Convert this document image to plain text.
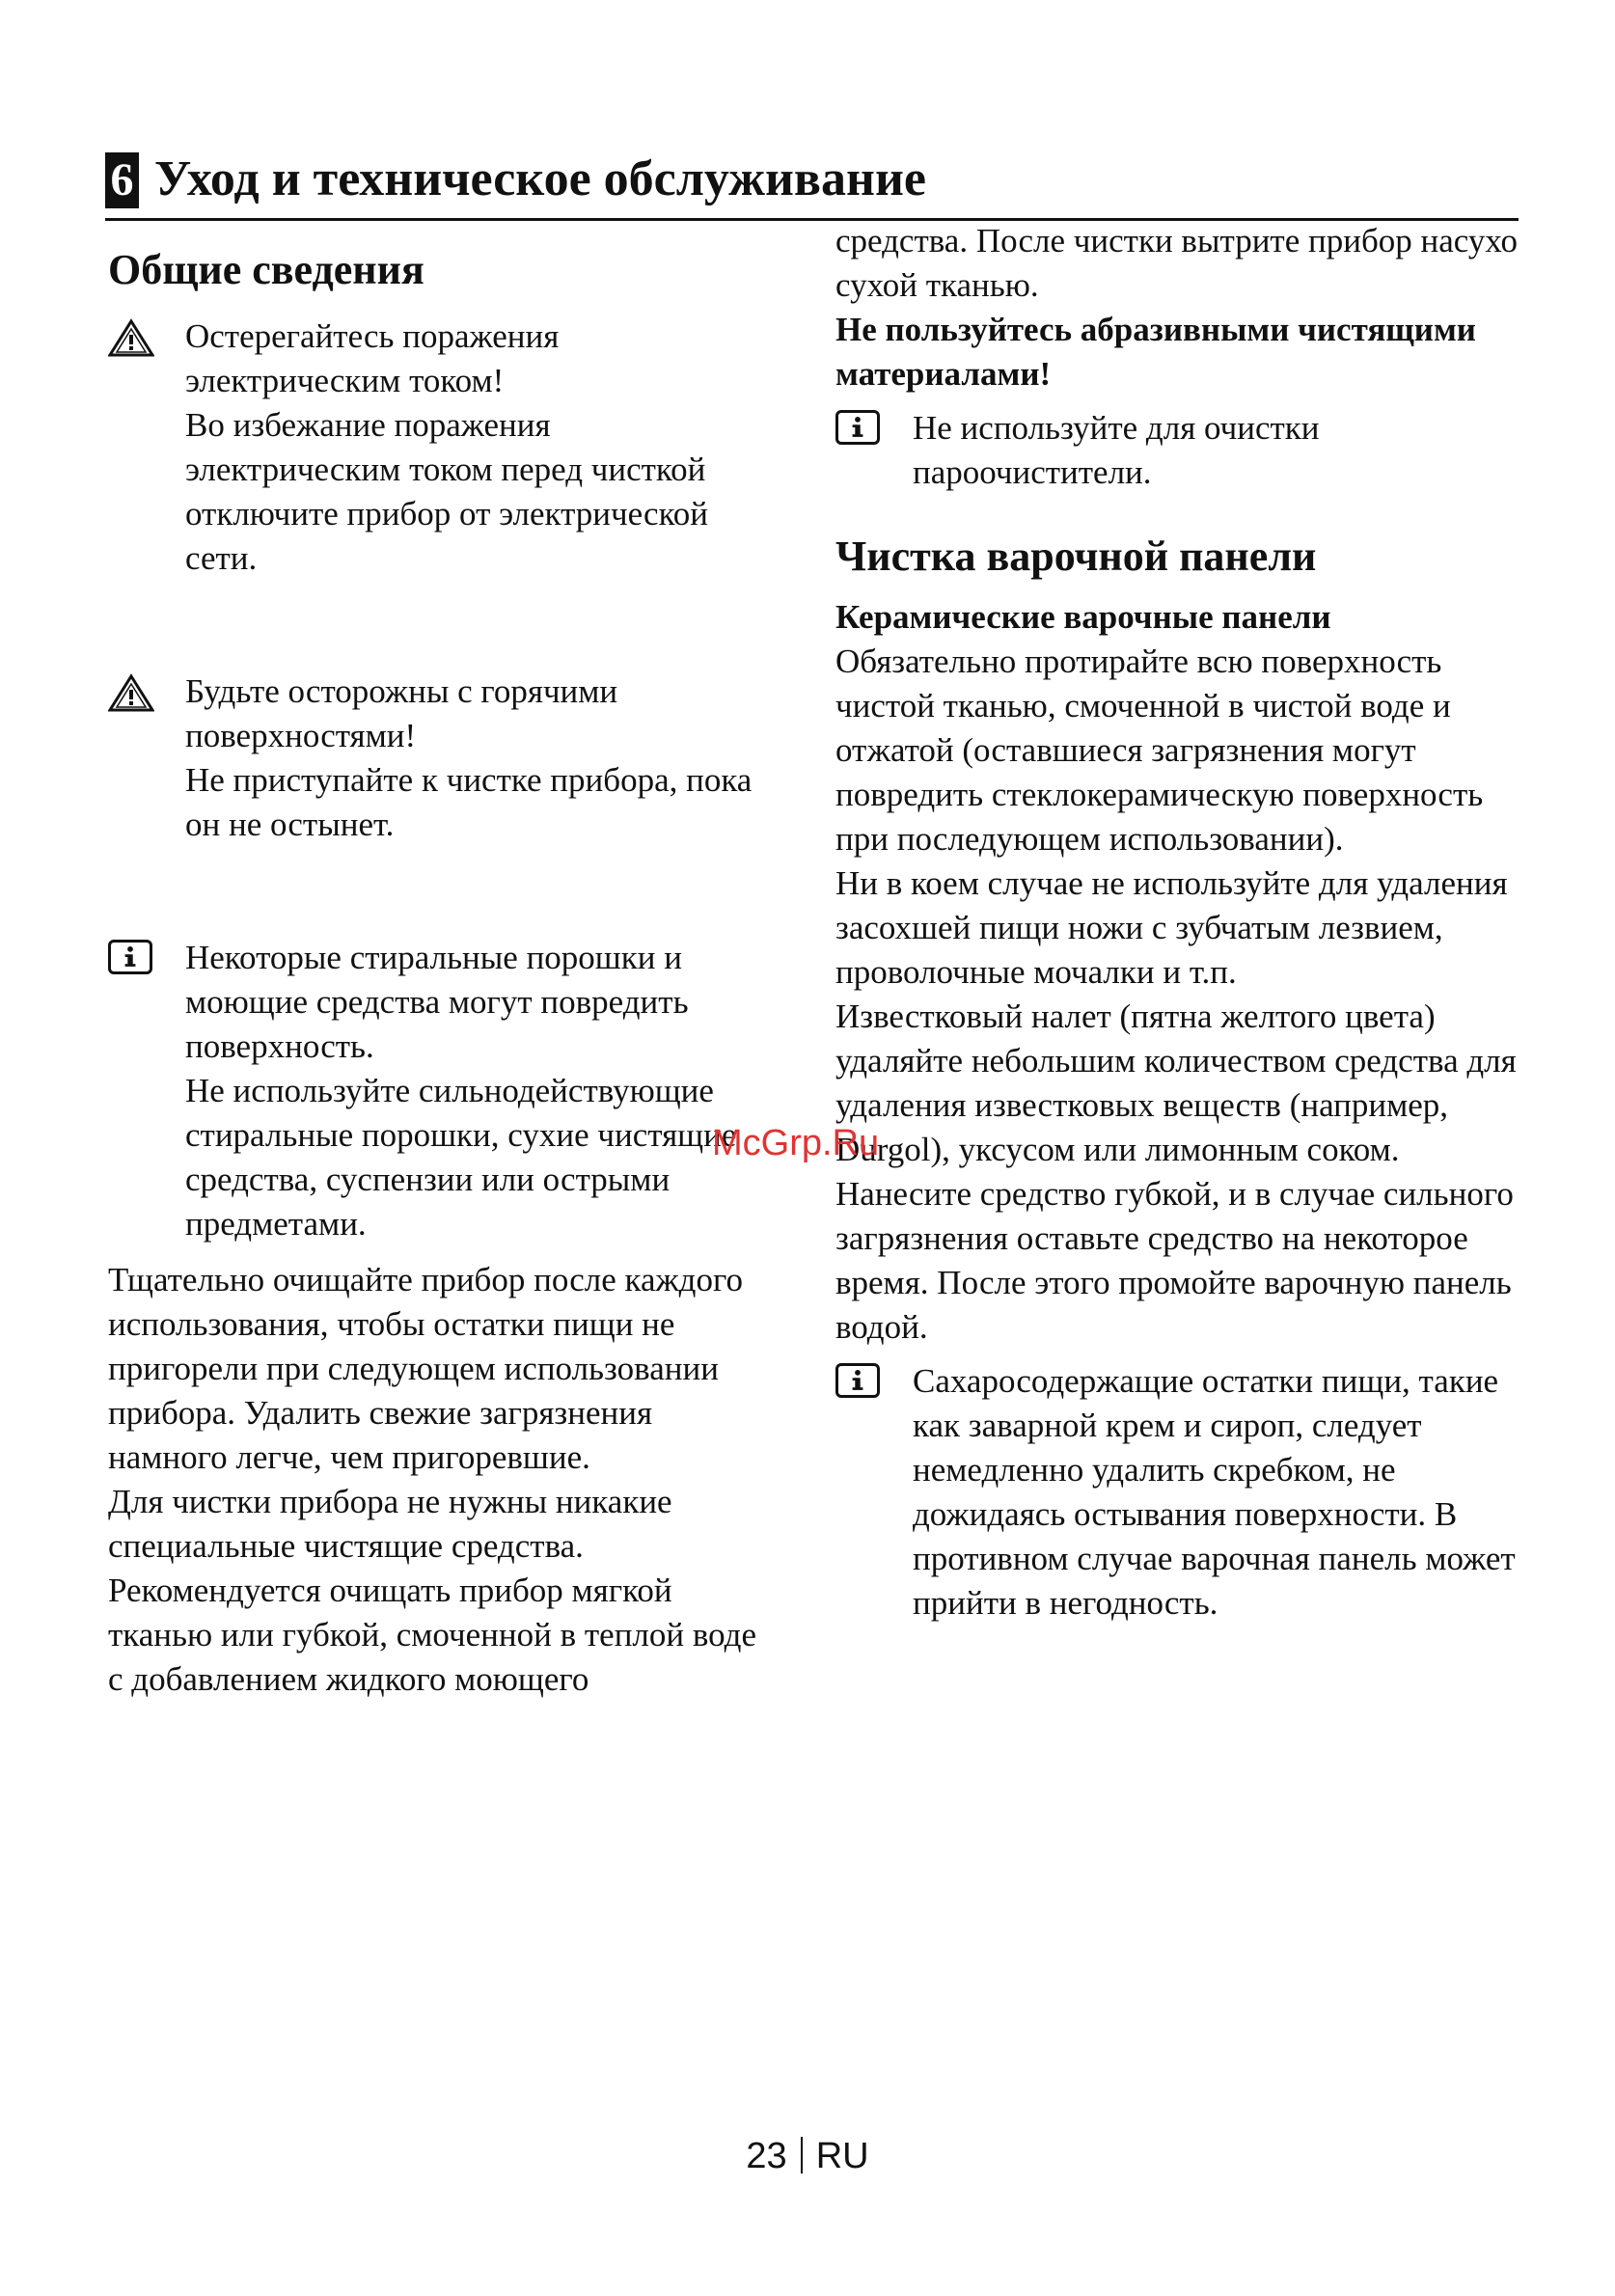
6 Уход и техническое обслуживание
Общие сведения

Остерегайтесь поражения электрическим током!

Во избежание поражения электрическим током перед чисткой отключите прибор от электрической сети.

Будьте осторожны с горячими поверхностями!

Не приступайте к чистке прибора, пока он не остынет.

Некоторые стиральные порошки и моющие средства могут повредить поверхность.

Не используйте сильнодействующие стиральные порошки, сухие чистящие средства, суспензии или острыми предметами.

Тщательно очищайте прибор после каждого использования, чтобы остатки пищи не пригорели при следующем использовании прибора. Удалить свежие загрязнения намного легче, чем пригоревшие.

Для чистки прибора не нужны никакие специальные чистящие средства.

Рекомендуется очищать прибор мягкой тканью или губкой, смоченной в теплой воде с добавлением жидкого моющего

средства. После чистки вытрите прибор насухо сухой тканью.

Не пользуйтесь абразивными чистящими материалами!

Не используйте для очистки пароочистители.

Чистка варочной панели

Керамические варочные панели

Обязательно протирайте всю поверхность чистой тканью, смоченной в чистой воде и отжатой (оставшиеся загрязнения могут повредить стеклокерамическую поверхность при последующем использовании).

Ни в коем случае не используйте для удаления засохшей пищи ножи с зубчатым лезвием, проволочные мочалки и т.п.

Известковый налет (пятна желтого цвета) удаляйте небольшим количеством средства для удаления известковых веществ (например, Durgol), уксусом или лимонным соком.

Нанесите средство губкой, и в случае сильного загрязнения оставьте средство на некоторое время. После этого промойте варочную панель водой.

Сахаросодержащие остатки пищи, такие как заварной крем и сироп, следует немедленно удалить скребком, не дожидаясь остывания поверхности. В противном случае варочная панель может прийти в негодность.

McGrp.Ru
23 RU
